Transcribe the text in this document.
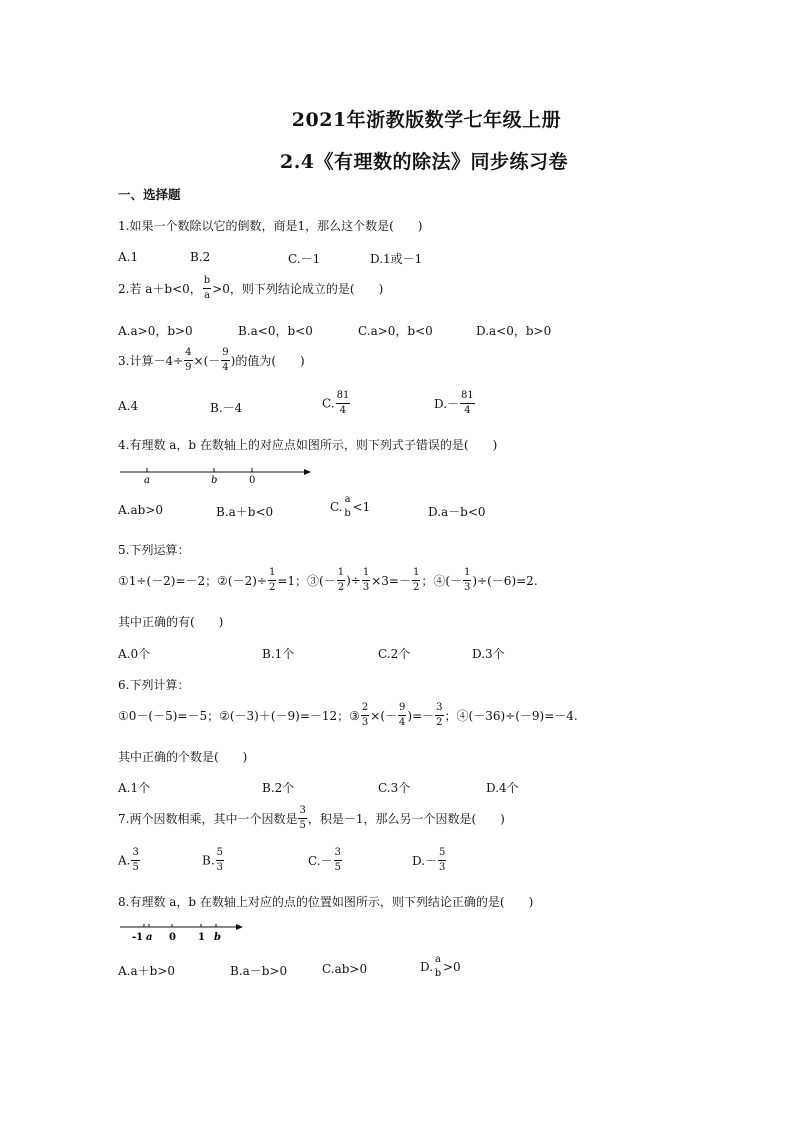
2021年浙教版数学七年级上册
2.4《有理数的除法》同步练习卷
一、选择题
1.如果一个数除以它的倒数，商是1，那么这个数是(　　)
A.1	B.2	C.－1	D.1或－1
2.若 a＋b<0， $\frac{b}{a} >0$，则下列结论成立的是(　　)
A.a>0，b>0	B.a<0，b<0	C.a>0，b<0	D.a<0，b>0
3.计算$-4\div \frac{4}{9}$ ×(－ $\frac{9}{4}$ )的值为(　　)
A.4	B.－4	C. $\frac{81}{4}$	$D.- \frac{81}{4}$
4.有理数 a，b 在数轴上的对应点如图所示，则下列式子错误的是(　　)
a	b	0
A.ab>0	B.a＋b<0	C.
a
b <1	D.a－b<0
5.下列运算：
①1÷(－2)=－2；②(－2)÷ $\frac{1}{2} =1$；③(－ $\frac{1}{2}$ )÷ $\frac{1}{3} \times 3=- \frac{1}{2}$ ；④(－ $\frac{1}{3} )\div(-6)=2$.
其中正确的有(　　)
A.0个	B.1个	C.2个	D.3个
6.下列计算：
①0－(－5)=－5；②(－3)＋(－9)=－12；③ $\frac{2}{3}$ ×(－ $\frac{9}{4}$ )=－ $\frac{3}{2}$ ；④(－36)÷(－9)=－4.
其中正确的个数是(　　)
A.1个	B.2个	C.3个	D.4个
7.两个因数相乘，其中一个因数是 $\frac{3}{5}$ ，积是－1，那么另一个因数是(　　)
A. $\frac{3}{5}$	B. $\frac{5}{3}$	$C.- \frac{3}{5}$	$D.- \frac{5}{3}$
8.有理数 a，b 在数轴上对应的点的位置如图所示，则下列结论正确的是(　　)
-1 a 0 1 b
A.a＋b>0	B.a－b>0	C.ab>0	D.
a
b >0
